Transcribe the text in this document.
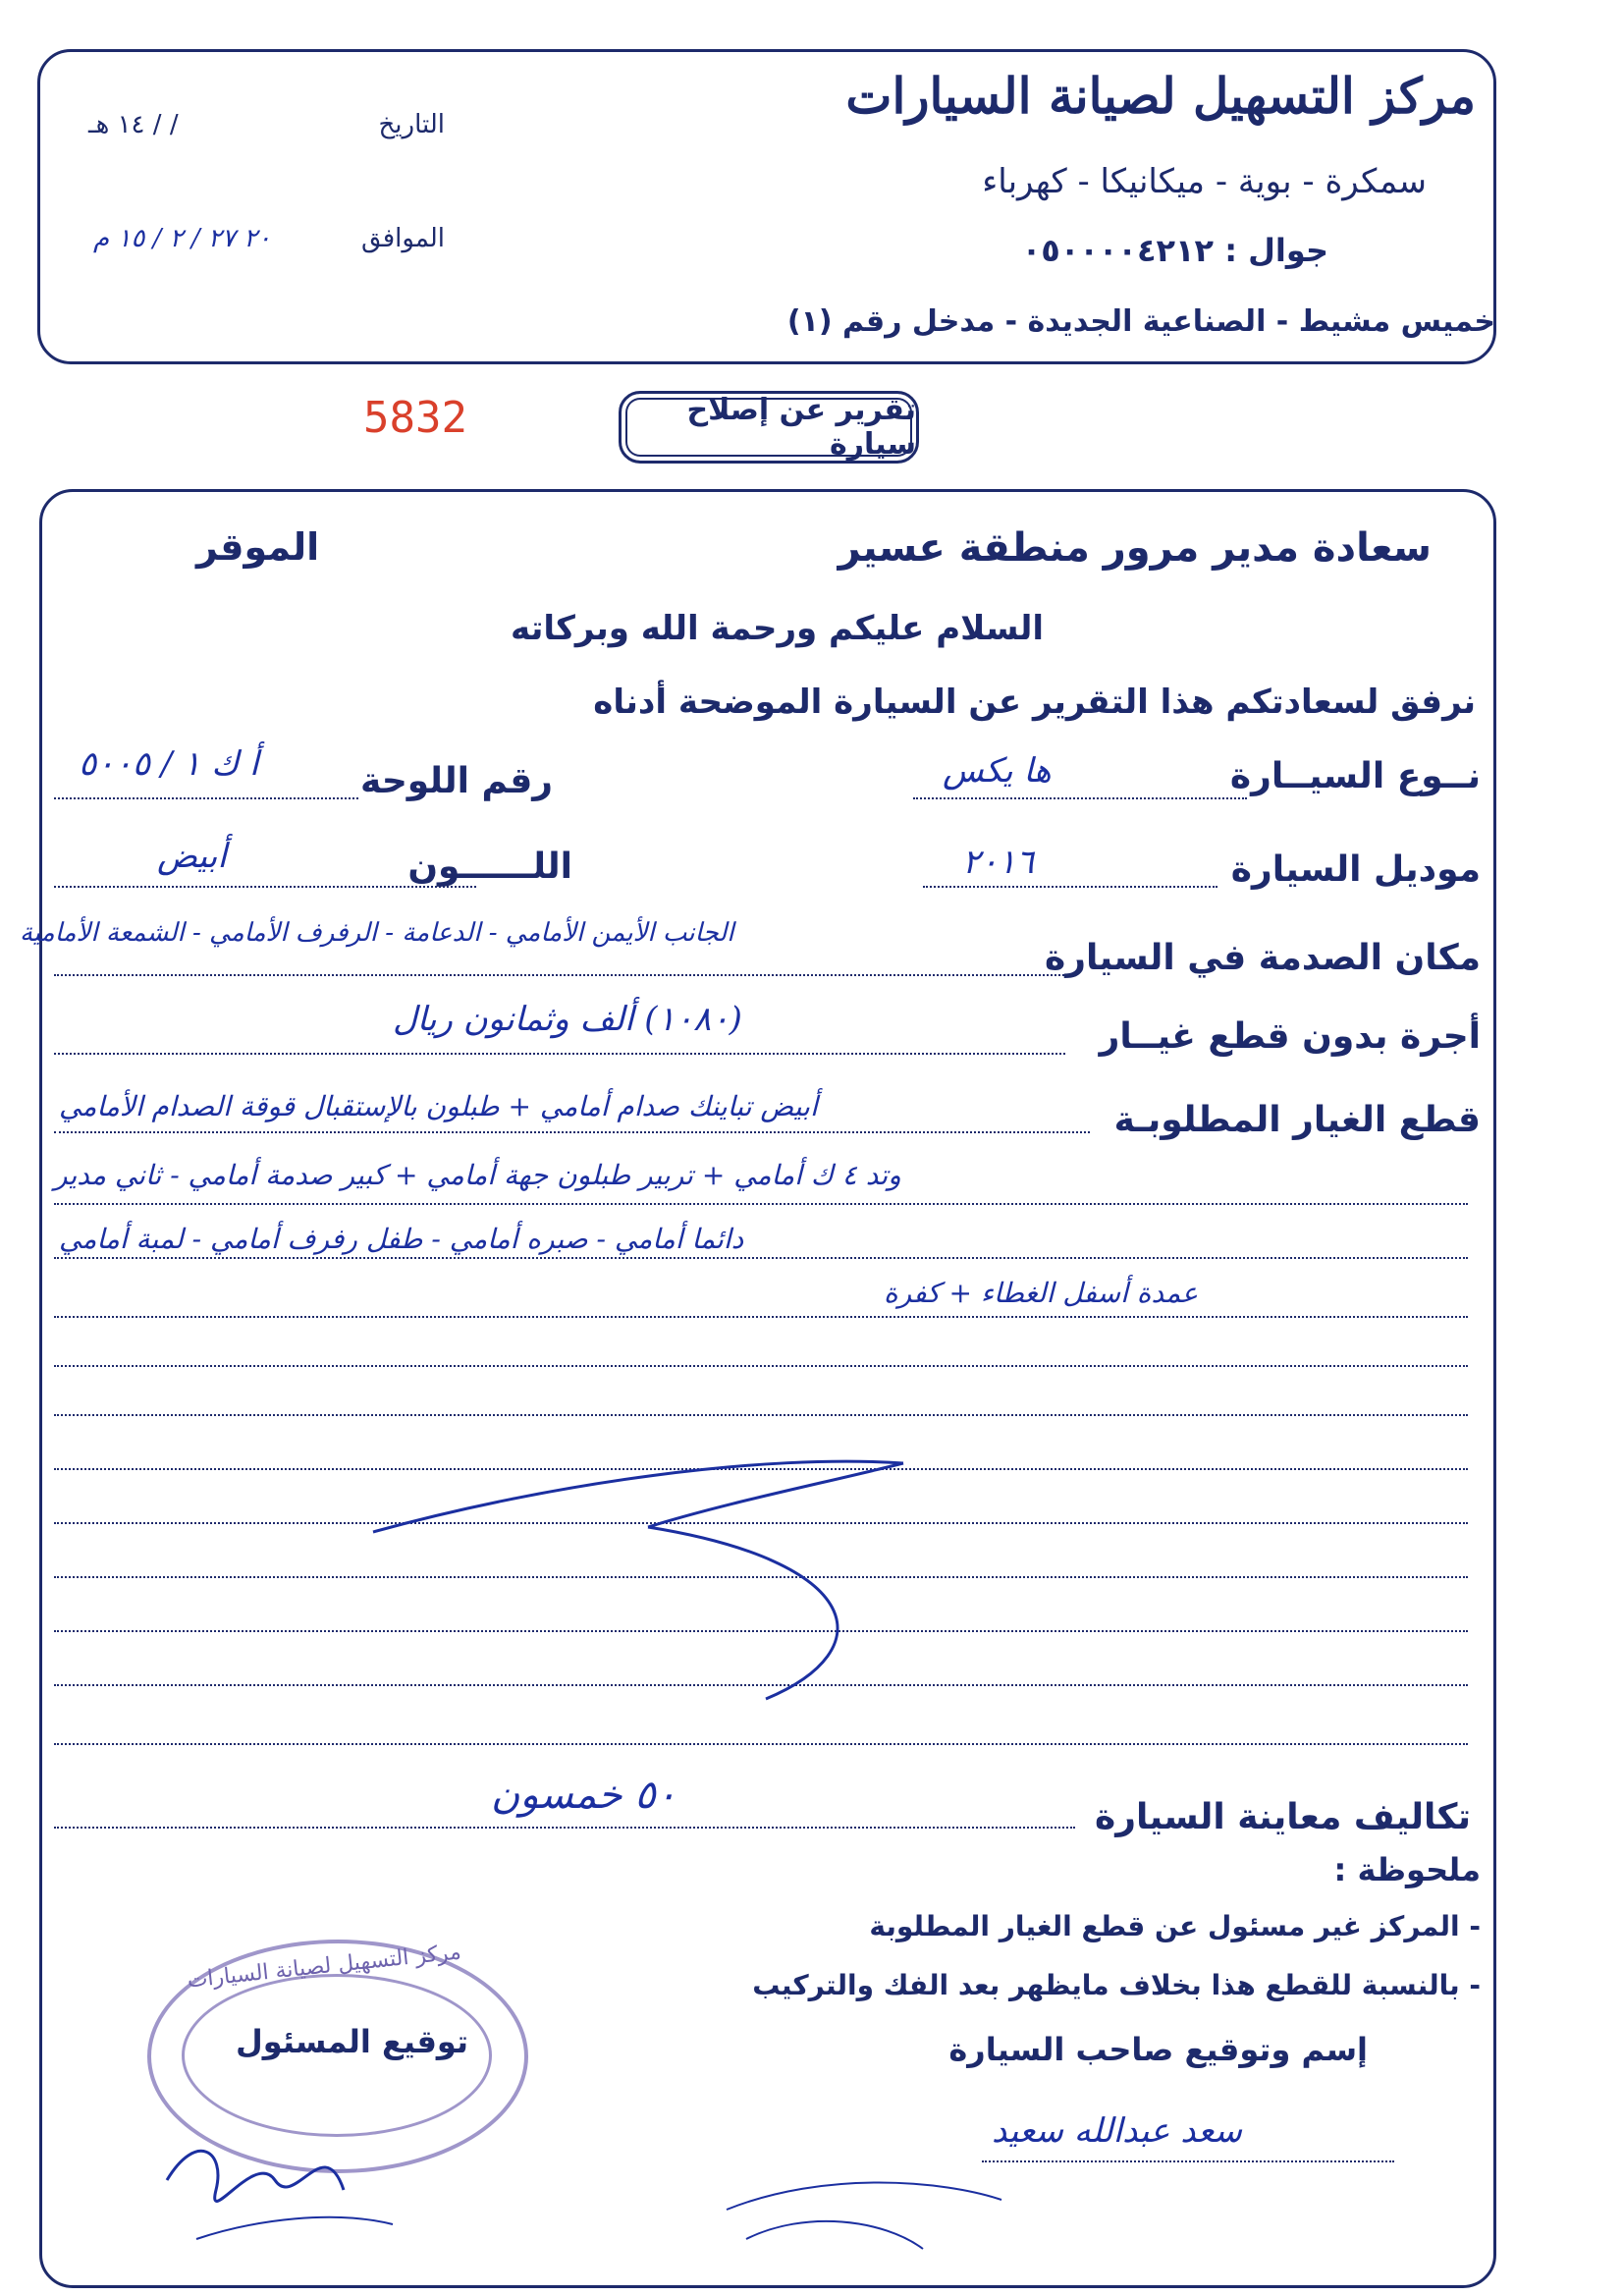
مركز التسهيل لصيانة السيارات
سمكرة - بوية - ميكانيكا - كهرباء
جوال : ٠٥٠٠٠٠٤٢١٢
خميس مشيط - الصناعية الجديدة - مدخل رقم (١)
التاريخ
١٤ هـ / /
الموافق
٢٠ ٢٧ / ٢ / ١٥ م
5832	تقرير عن إصلاح سيارة
سعادة مدير مرور منطقة عسير
الموقر
السلام عليكم ورحمة الله وبركاته
نرفق لسعادتكم هذا التقرير عن السيارة الموضحة أدناه
نــوع السيــارة
ها يكس
رقم اللوحة
أ ك ١ / ٥٠٠٥
موديل السيارة
٢٠١٦
اللــــــون
أبيض
مكان الصدمة في السيارة
الجانب الأيمن الأمامي - الدعامة - الرفرف الأمامي - الشمعة الأمامية
أجرة بدون قطع غيــار
(١٠٨٠) ألف وثمانون ريال
قطع الغيار المطلوبـة
أبيض تباينك صدام أمامي + طبلون بالإستقبال قوقة الصدام الأمامي
وتد ٤ ك أمامي + تربير طبلون جهة أمامي + كبير صدمة أمامي - ثاني مدير
دائما أمامي - صبره أمامي - طفل رفرف أمامي - لمبة أمامي
عمدة أسفل الغطاء + كفرة
تكاليف معاينة السيارة
٥٠ خمسون
ملحوظة :
- المركز غير مسئول عن قطع الغيار المطلوبة
- بالنسبة للقطع هذا بخلاف مايظهر بعد الفك والتركيب
إسم وتوقيع صاحب السيارة
سعد عبدالله سعيد
مركز التسهيل لصيانة السيارات
توقيع المسئول
